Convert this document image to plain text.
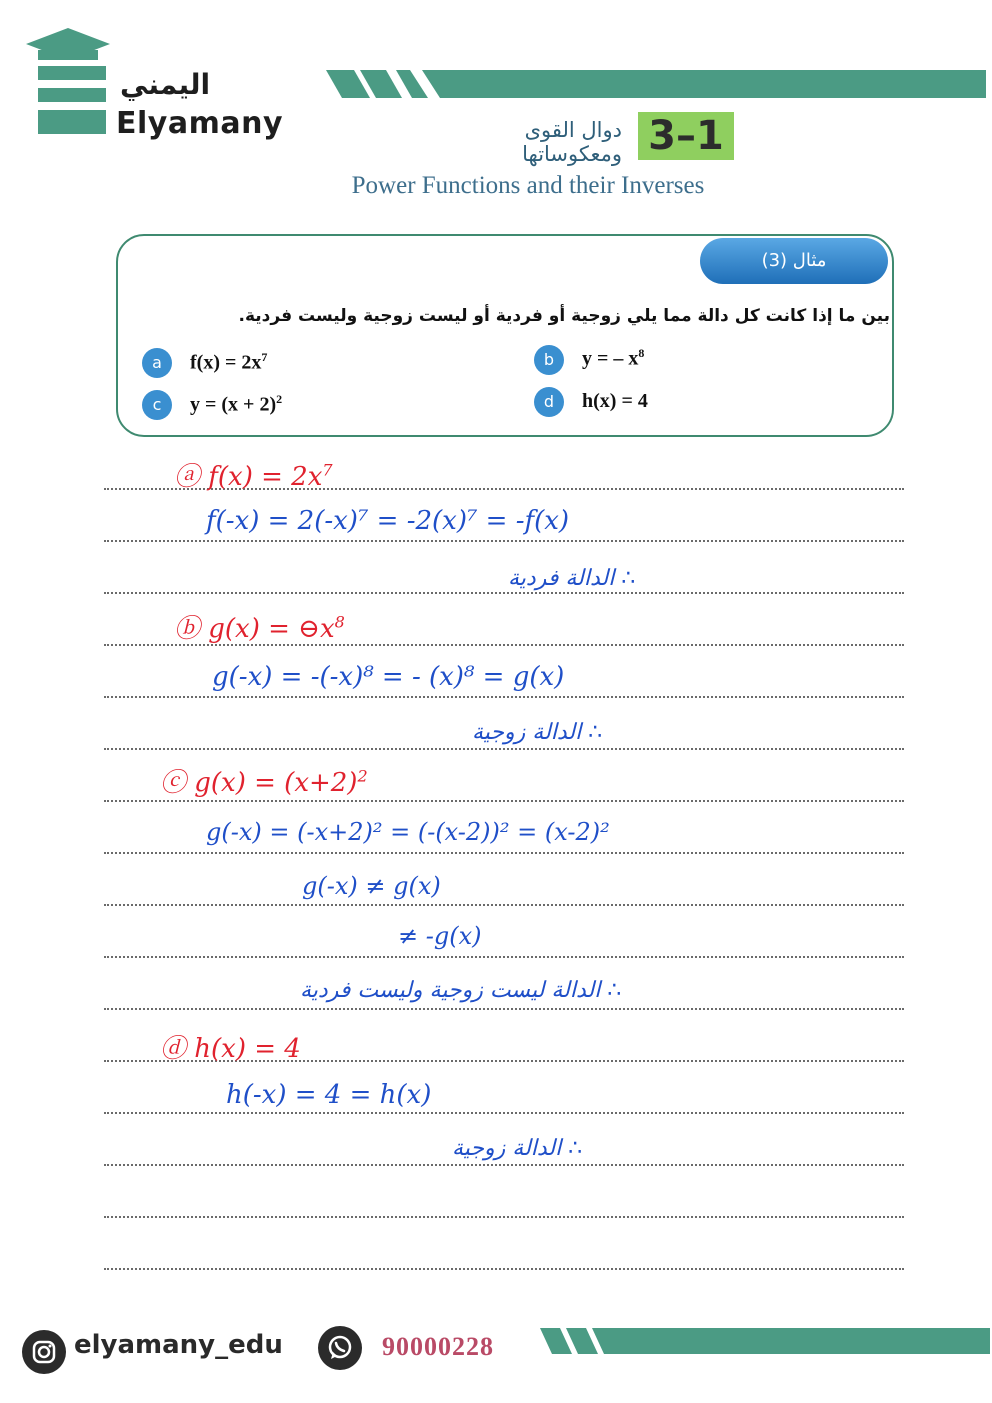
اليمني
Elyamany	3–1
دوال القوى ومعكوساتها
Power Functions and their Inverses
مثال (3)
بين ما إذا كانت كل دالة مما يلي زوجية أو فردية أو ليست زوجية وليست فردية.
a	$f(x) = 2x^7$	b	y = – $x^8$
c	$y = (x + 2)^2$	d	h(x) = 4
ⓐ $f(x) = 2x^7$
f(-x) = 2(-x)⁷ = -2(x)⁷ = -f(x)
∴ الدالة فردية
ⓑ $g(x) = ⊖x^8$
g(-x) = -(-x)⁸ = - (x)⁸ = g(x)
∴ الدالة زوجية
ⓒ $g(x) = (x+2)^2$
g(-x) = (-x+2)² = (-(x-2))² = (x-2)²
g(-x) ≠ g(x)
≠ -g(x)
∴ الدالة ليست زوجية وليست فردية
ⓓ h(x) = 4
h(-x) = 4 = h(x)
∴ الدالة زوجية
elyamany_edu	90000228
